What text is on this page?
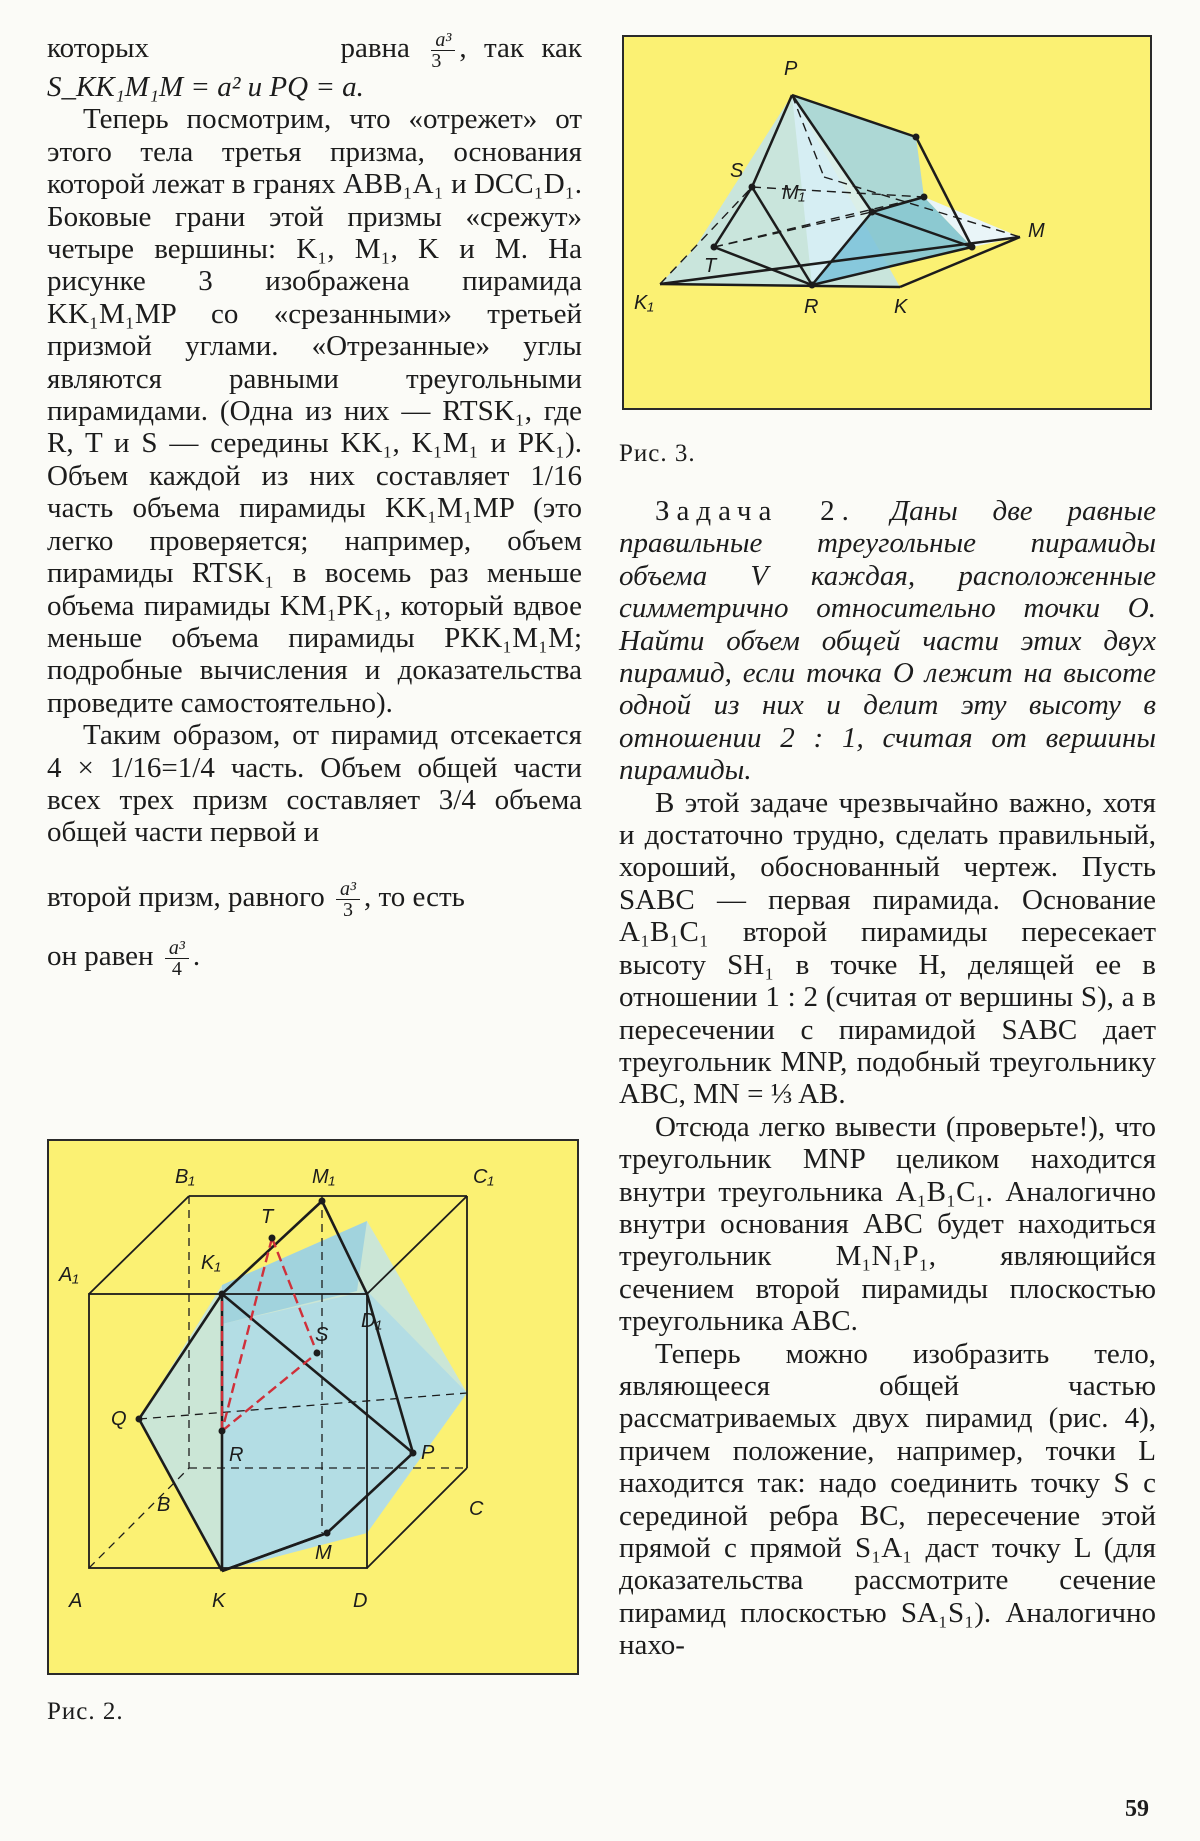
которых	равна $\frac{\text{a³}}{3}$ , так как

S_KK₁M₁M = a² и PQ = a.

Теперь посмотрим, что «отрежет» от этого тела третья призма, основания которой лежат в гранях ABB₁A₁ и DCC₁D₁. Боковые грани этой призмы «срежут» четыре вершины: K₁, M₁, K и M. На рисунке 3 изображена пирамида KK₁M₁MP со «срезанными» третьей призмой углами. «Отрезанные» углы являются равными треугольными пирамидами. (Одна из них — RTSK₁, где R, T и S — середины KK₁, K₁M₁ и PK₁). Объем каждой из них составляет 1/16 часть объема пирамиды KK₁M₁MP (это легко проверяется; например, объем пирамиды RTSK₁ в восемь раз меньше объема пирамиды KM₁PK₁, который вдвое меньше объема пирамиды PKK₁M₁M; подробные вычисления и доказательства проведите самостоятельно).

Таким образом, от пирамид отсекается 4 × 1/16=1/4 часть. Объем общей части всех трех призм составляет 3/4 объема общей части первой и

второй призм, равного $\frac{\text{a³}}{3}$ , то есть

он равен $\frac{\text{a³}}{4}$ .

P
S
M₁
M
T
K₁	R	K
Рис. 3.

Задача 2. Даны две равные правильные треугольные пирамиды объема V каждая, расположенные симметрично относительно точки O. Найти объем общей части этих двух пирамид, если точка O лежит на высоте одной из них и делит эту высоту в отношении 2 : 1, считая от вершины пирамиды.

В этой задаче чрезвычайно важно, хотя и достаточно трудно, сделать правильный, хороший, обоснованный чертеж. Пусть SABC — первая пирамида. Основание A₁B₁C₁ второй пирамиды пересекает высоту SH₁ в точке H, делящей ее в отношении 1 : 2 (считая от вершины S), а в пересечении с пирамидой SABC дает треугольник MNP, подобный треугольнику ABC, MN = ⅓ AB.

Отсюда легко вывести (проверьте!), что треугольник MNP целиком находится внутри треугольника A₁B₁C₁. Аналогично внутри основания ABC будет находиться треугольник M₁N₁P₁, являющийся сечением второй пирамиды плоскостью треугольника ABC.

Теперь можно изобразить тело, являющееся общей частью рассматриваемых двух пирамид (рис. 4), причем положение, например, точки L находится так: надо соединить точку S с серединой ребра BC, пересечение этой прямой с прямой S₁A₁ даст точку L (для доказательства рассмотрите сечение пирамид плоскостью SA₁S₁). Аналогично нахо-

B₁	M₁	C₁
A₁
K₁
T
D₁
S
Q
P
R
B
M
C
A	K	D
Рис. 2.
59
